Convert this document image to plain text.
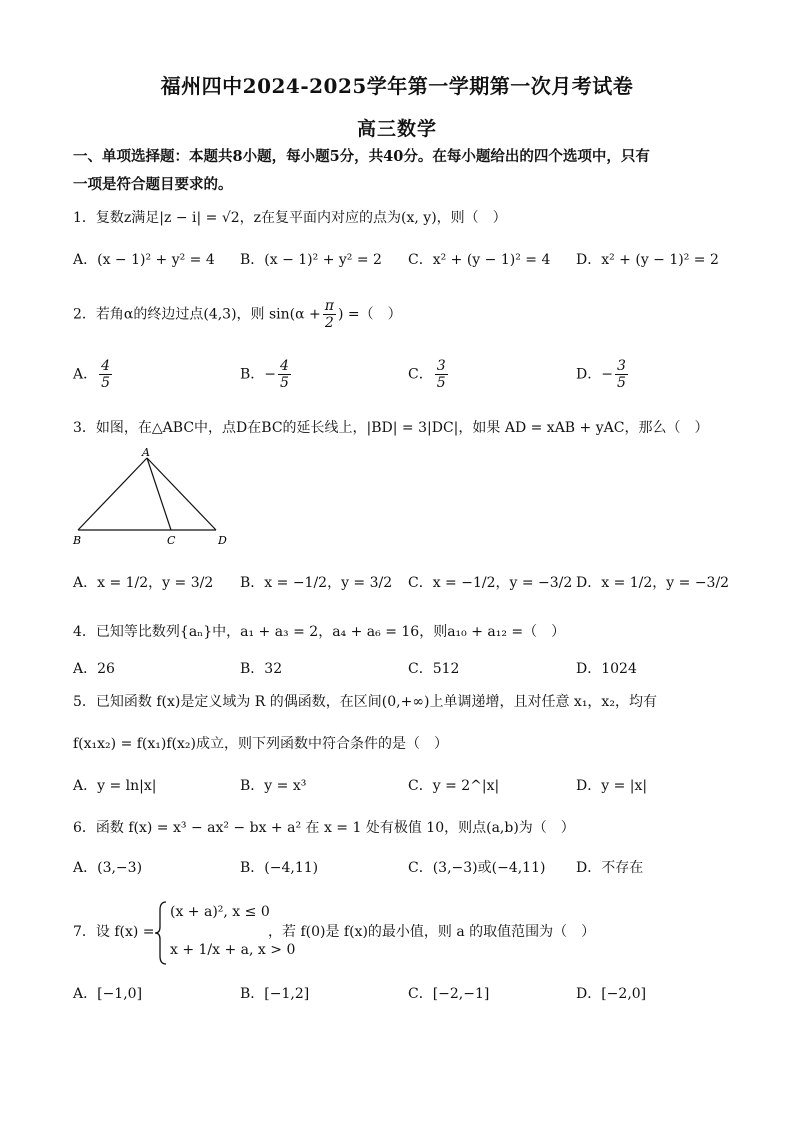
福州四中2024-2025学年第一学期第一次月考试卷
高三数学
一、单项选择题：本题共8小题，每小题5分，共40分。在每小题给出的四个选项中，只有
一项是符合题目要求的。
1．复数z满足|z − i| = √2，z在复平面内对应的点为(x, y)，则（　）
A．(x − 1)² + y² = 4 B．(x − 1)² + y² = 2 C．x² + (y − 1)² = 4 D．x² + (y − 1)² = 2
2．若角α的终边过点(4,3)，则 $\sin(\alpha + \frac{\pi}{2}$ ) =（　）
A． $\frac{4}{5}$	B．− $\frac{4}{5}$	C． $\frac{3}{5}$	D．− $\frac{3}{5}$
3．如图，在△ABC中，点D在BC的延长线上，|BD| = 3|DC|，如果 AD = xAB + yAC，那么（　）
A
B	C	D
A．x = 1/2，y = 3/2 B．x = −1/2，y = 3/2 C．x = −1/2，y = −3/2 D．x = 1/2，y = −3/2
4．已知等比数列{aₙ}中，a₁ + a₃ = 2，a₄ + a₆ = 16，则a₁₀ + a₁₂ =（　）
A．26	B．32	C．512	D．1024
5．已知函数 f(x)是定义域为 R 的偶函数，在区间(0,+∞)上单调递增，且对任意 x₁，x₂，均有
f(x₁x₂) = f(x₁)f(x₂)成立，则下列函数中符合条件的是（　）
A．y = ln|x|	B．y = x³	C．y = 2^|x|	D．y = |x|
6．函数 f(x) = x³ − ax² − bx + a² 在 x = 1 处有极值 10，则点(a,b)为（　）
A．(3,−3)	B．(−4,11)	C．(3,−3)或(−4,11) D．不存在
7．设 f(x) =
(x + a)², x ≤ 0
x + 1/x + a, x > 0
，若 f(0)是 f(x)的最小值，则 a 的取值范围为（　）
A．[−1,0]	B．[−1,2]	C．[−2,−1]	D．[−2,0]
